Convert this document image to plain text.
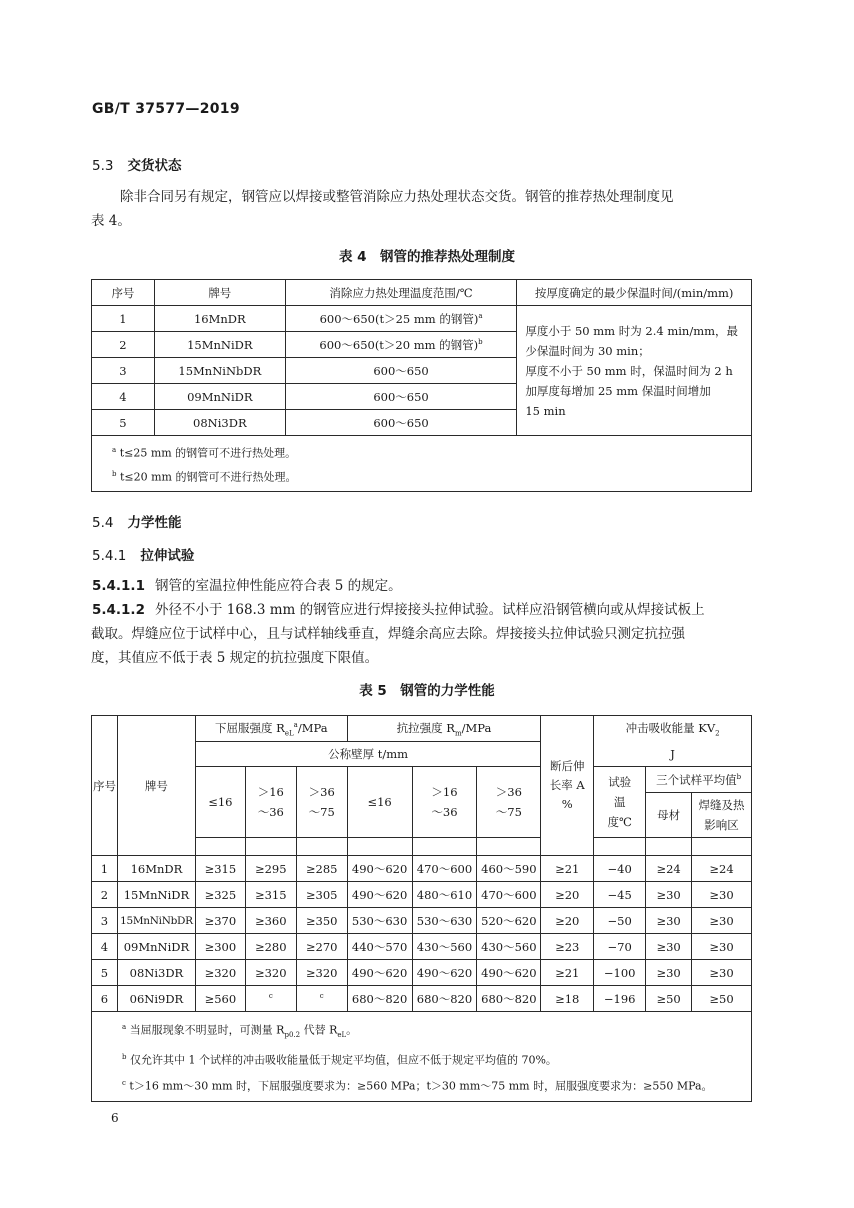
GB/T 37577—2019
5.3 交货状态
除非合同另有规定，钢管应以焊接或整管消除应力热处理状态交货。钢管的推荐热处理制度见
表 4。
表 4　钢管的推荐热处理制度
序号	牌号	消除应力热处理温度范围/℃	按厚度确定的最少保温时间/(min/mm)
1	16MnDR	600～650(t＞25 mm 的钢管)$^a$	厚度小于 50 mm 时为 2.4 min/mm，最
少保温时间为 30 min；
厚度不小于 50 mm 时，保温时间为 2 h
加厚度每增加 25 mm 保温时间增加
15 min

2	15MnNiDR	600～650(t＞20 mm 的钢管)$^b$
3	15MnNiNbDR	600～650	
4	09MnNiDR	600～650	
5	08Ni3DR	600～650	

$^a$ t≤25 mm 的钢管可不进行热处理。
$^b$ t≤20 mm 的钢管可不进行热处理。			
5.4 力学性能
5.4.1 拉伸试验
5.4.1.1 钢管的室温拉伸性能应符合表 5 的规定。
5.4.1.2 外径不小于 168.3 mm 的钢管应进行焊接接头拉伸试验。试样应沿钢管横向或从焊接试板上
截取。焊缝应位于试样中心，且与试样轴线垂直，焊缝余高应去除。焊接接头拉伸试验只测定抗拉强
度，其值应不低于表 5 规定的抗拉强度下限值。
表 5　钢管的力学性能
序号	牌号	下屈服强度 $R_{eL}^a$/MPa			抗拉强度 $R_m$/MPa			断后伸长率 A %	冲击吸收能量 $KV_2$
J		
		公称壁厚 t/mm									
		≤16	＞16～36	＞36～75	≤16	＞16～36	＞36～75		试验温度℃	三个试样平均值$^b$
										母材	焊缝及热影响区

1	16MnDR	≥315	≥295	≥285	490～620	470～600	460～590	≥21	−40	≥24	≥24
2	15MnNiDR	≥325	≥315	≥305	490～620	480～610	470～600	≥20	−45	≥30	≥30
3	15MnNiNbDR	≥370	≥360	≥350	530～630	530～630	520～620	≥20	−50	≥30	≥30
4	09MnNiDR	≥300	≥280	≥270	440～570	430～560	430～560	≥23	−70	≥30	≥30
5	08Ni3DR	≥320	≥320	≥320	490～620	490～620	490～620	≥21	−100	≥30	≥30
6	06Ni9DR	≥560	$^c$	$^c$	680～820	680～820	680～820	≥18	−196	≥50	≥50

$^a$ 当屈服现象不明显时，可测量 $R_{p0.2}$ 代替 $R_{eL}$。
$^b$ 仅允许其中 1 个试样的冲击吸收能量低于规定平均值，但应不低于规定平均值的 70%。
$^c$ t＞16 mm～30 mm 时，下屈服强度要求为：≥560 MPa；t＞30 mm～75 mm 时，屈服强度要求为：≥550 MPa。											
6
